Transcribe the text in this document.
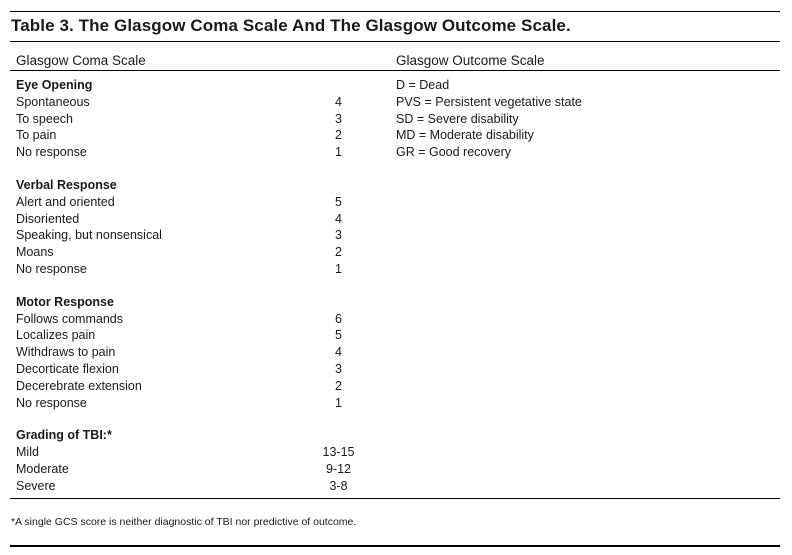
Table 3. The Glasgow Coma Scale And The Glasgow Outcome Scale.
Glasgow Coma Scale	Glasgow Outcome Scale
Eye Opening
Spontaneous	4
To speech	3
To pain	2
No response	1
Verbal Response
Alert and oriented	5
Disoriented	4
Speaking, but nonsensical	3
Moans	2
No response	1
Motor Response
Follows commands	6
Localizes pain	5
Withdraws to pain	4
Decorticate flexion	3
Decerebrate extension	2
No response	1
Grading of TBI:*
Mild	13-15
Moderate	9-12
Severe	3-8
D = Dead
PVS = Persistent vegetative state
SD = Severe disability
MD = Moderate disability
GR = Good recovery
*A single GCS score is neither diagnostic of TBI nor predictive of outcome.
